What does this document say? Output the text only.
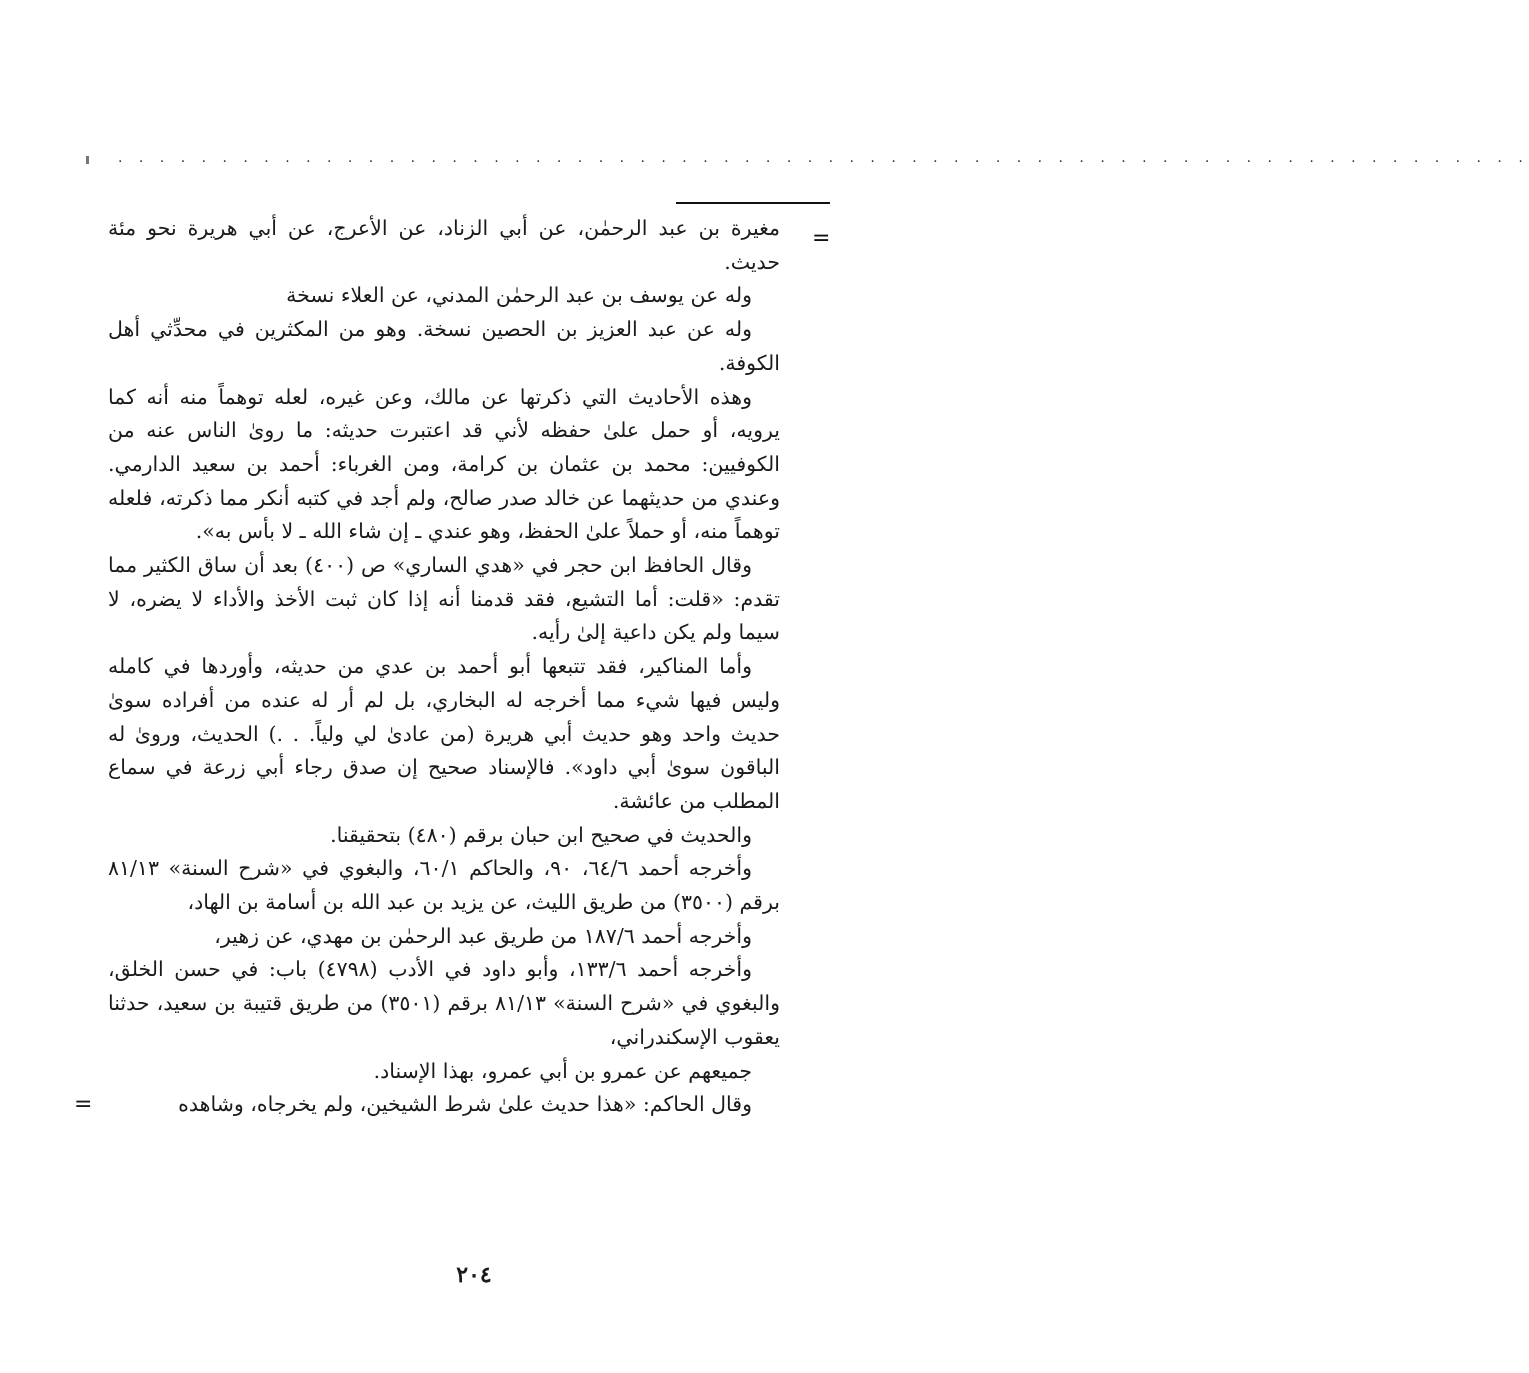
. . . . . . . . . . . . . . . . . . . . . . . . . . . . . . . . . . . . . . . . . . . . . . . . . . . . . . . . . . . . . . . . . . . .
=

مغيرة بن عبد الرحمٰن، عن أبي الزناد، عن الأعرج، عن أبي هريرة نحو مئة حديث.

وله عن يوسف بن عبد الرحمٰن المدني، عن العلاء نسخة

وله عن عبد العزيز بن الحصين نسخة. وهو من المكثرين في محدِّثي أهل الكوفة.

وهذه الأحاديث التي ذكرتها عن مالك، وعن غيره، لعله توهماً منه أنه كما يرويه، أو حمل علىٰ حفظه لأني قد اعتبرت حديثه: ما روىٰ الناس عنه من الكوفيين: محمد بن عثمان بن كرامة، ومن الغرباء: أحمد بن سعيد الدارمي. وعندي من حديثهما عن خالد صدر صالح، ولم أجد في كتبه أنكر مما ذكرته، فلعله توهماً منه، أو حملاً علىٰ الحفظ، وهو عندي ـ إن شاء الله ـ لا بأس به».

وقال الحافظ ابن حجر في «هدي الساري» ص (٤٠٠) بعد أن ساق الكثير مما تقدم: «قلت: أما التشيع، فقد قدمنا أنه إذا كان ثبت الأخذ والأداء لا يضره، لا سيما ولم يكن داعية إلىٰ رأيه.

وأما المناكير، فقد تتبعها أبو أحمد بن عدي من حديثه، وأوردها في كامله وليس فيها شيء مما أخرجه له البخاري، بل لم أر له عنده من أفراده سوىٰ حديث واحد وهو حديث أبي هريرة (من عادىٰ لي ولياً. . .) الحديث، وروىٰ له الباقون سوىٰ أبي داود». فالإسناد صحيح إن صدق رجاء أبي زرعة في سماع المطلب من عائشة.

والحديث في صحيح ابن حبان برقم (٤٨٠) بتحقيقنا.

وأخرجه أحمد ٦٤/٦، ٩٠، والحاكم ٦٠/١، والبغوي في «شرح السنة» ٨١/١٣ برقم (٣٥٠٠) من طريق الليث، عن يزيد بن عبد الله بن أسامة بن الهاد،

وأخرجه أحمد ١٨٧/٦ من طريق عبد الرحمٰن بن مهدي، عن زهير،

وأخرجه أحمد ١٣٣/٦، وأبو داود في الأدب (٤٧٩٨) باب: في حسن الخلق، والبغوي في «شرح السنة» ٨١/١٣ برقم (٣٥٠١) من طريق قتيبة بن سعيد، حدثنا يعقوب الإسكندراني،

جميعهم عن عمرو بن أبي عمرو، بهذا الإسناد.

وقال الحاكم: «هذا حديث علىٰ شرط الشيخين، ولم يخرجاه، وشاهده
=

٢٠٤
